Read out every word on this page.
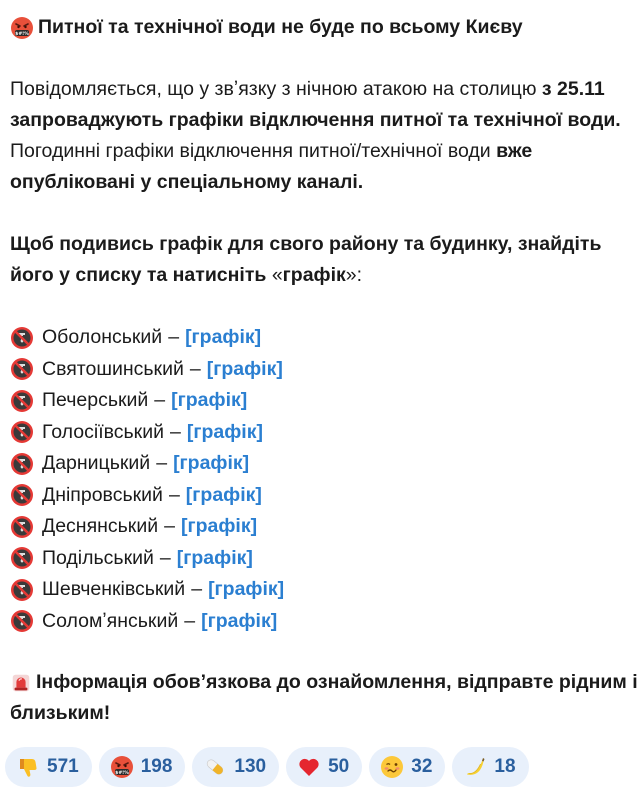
$#!% Питної та технічної води не буде по всьому Києву
Повідомляється, що у звʼязку з нічною атакою на столицю з 25.11 запроваджують графіки відключення питної та технічної води. Погодинні графіки відключення питної/технічної води вже опубліковані у спеціальному каналі.
Щоб подивись графік для свого району та будинку, знайдіть його у списку та натисніть «графік»:
Оболонський – [графік]
Святошинський – [графік]
Печерський – [графік]
Голосіївський – [графік]
Дарницький – [графік]
Дніпровський – [графік]
Деснянський – [графік]
Подільський – [графік]
Шевченківський – [графік]
Соломʼянський – [графік]
Інформація обовʼязкова до ознайомлення, відправте рідним і близьким!
571	$#!% 198	130	50	32	18
